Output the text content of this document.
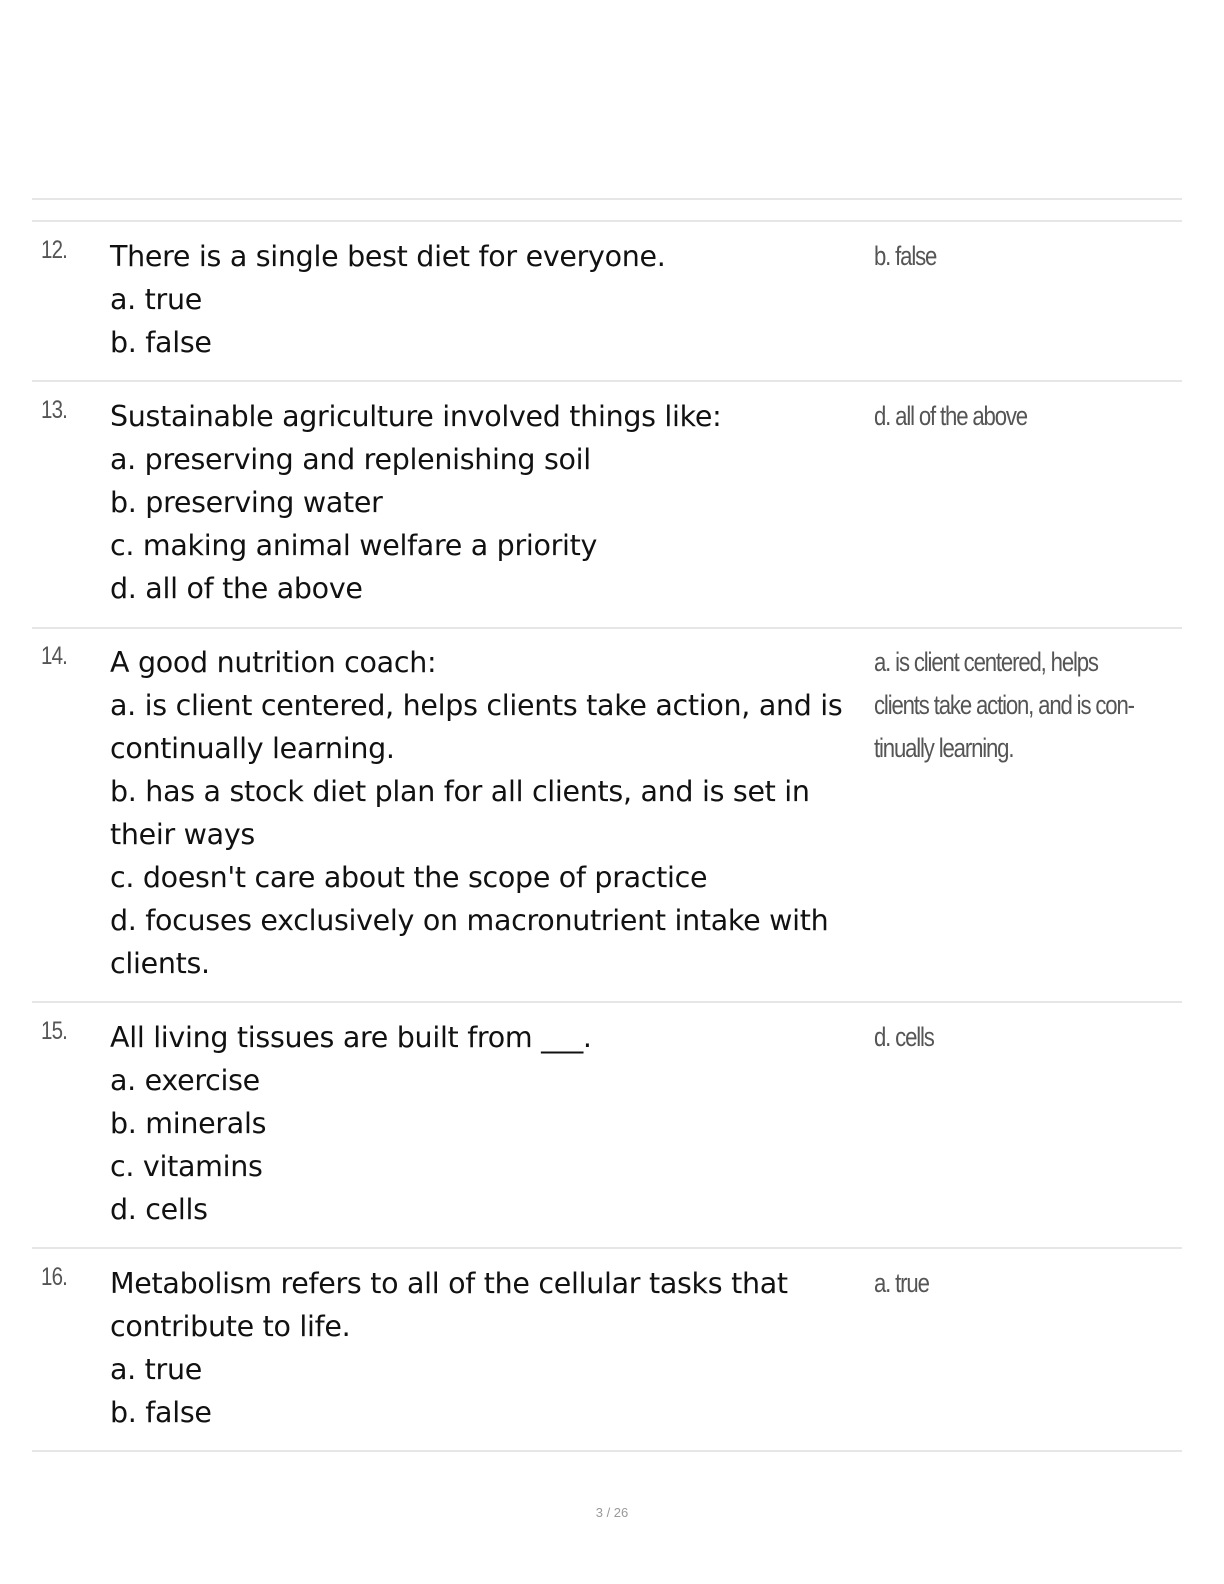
12. There is a single best diet for everyone.
a. true
b. false
b. false
13. Sustainable agriculture involved things like:
a. preserving and replenishing soil
b. preserving water
c. making animal welfare a priority
d. all of the above
d. all of the above
14. A good nutrition coach:
a. is client centered, helps clients take action, and is
continually learning.
b. has a stock diet plan for all clients, and is set in
their ways
c. doesn't care about the scope of practice
d. focuses exclusively on macronutrient intake with
clients.
a. is client centered, helps
clients take action, and is con-
tinually learning.
15. All living tissues are built from ___.
a. exercise
b. minerals
c. vitamins
d. cells
d. cells
16. Metabolism refers to all of the cellular tasks that
contribute to life.
a. true
b. false
a. true
3 / 26
